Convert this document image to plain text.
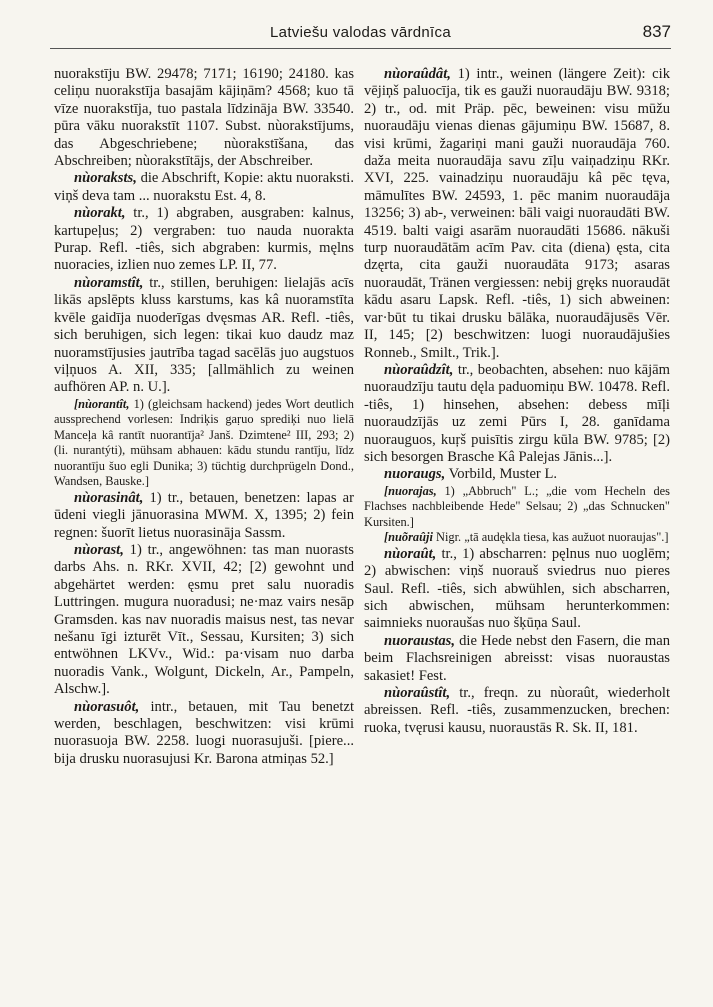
Latviešu valodas vārdnīca	837

nuorakstīju BW. 29478; 7171; 16190; 24180. kas celiņu nuorakstīja basajām kājiņām? 4568; kuo tā vīze nuorakstīja, tuo pastala līdzināja BW. 33540. pūra vāku nuorakstīt 1107. Subst. nùorakstījums, das Abgeschriebene; nùorakstīšana, das Abschreiben; nùorakstītājs, der Abschreiber.

nùoraksts, die Abschrift, Kopie: aktu nuoraksti. viņš deva tam ... nuorakstu Est. 4, 8.

nùorakt, tr., 1) abgraben, ausgraben: kalnus, kartupeļus; 2) vergraben: tuo nauda nuorakta Purap. Refl. -tiês, sich abgraben: kurmis, męlns nuoracies, izlien nuo zemes LP. II, 77.

nùoramstît, tr., stillen, beruhigen: lielajās acīs likās apslēpts kluss karstums, kas kâ nuoramstīta kvēle gaidīja nuoderīgas dvęsmas AR. Refl. -tiês, sich beruhigen, sich legen: tikai kuo daudz maz nuoramstījusies jautrība tagad sacēlās juo augstuos viļņuos A. XII, 335; [allmählich zu weinen aufhören AP. n. U.].

[nùorantît, 1) (gleichsam hackend) jedes Wort deutlich aussprechend vorlesen: Indriķis gaṛuo sprediķi nuo lielā Manceļa kâ rantīt nuorantīja² Janš. Dzimtene² III, 293; 2) (li. nurantýti), mühsam abhauen: kādu stundu rantīju, līdz nuorantīju šuo egli Dunika; 3) tüchtig durchprügeln Dond., Wandsen, Bauske.]

nùorasinât, 1) tr., betauen, benetzen: lapas ar ūdeni viegli jānuorasina MWM. X, 1395; 2) fein regnen: šuorīt lietus nuorasināja Sassm.

nùorast, 1) tr., angewöhnen: tas man nuorasts darbs Ahs. n. RKr. XVII, 42; [2) gewohnt und abgehärtet werden: ęsmu pret salu nuoradis Luttringen. mugura nuoradusi; ne·maz vairs nesāp Gramsden. kas nav nuoradis maisus nest, tas nevar nešanu īgi izturēt Vīt., Sessau, Kursiten; 3) sich entwöhnen LKVv., Wid.: pa·visam nuo darba nuoradis Vank., Wolgunt, Dickeln, Ar., Pampeln, Alschw.].

nùorasuôt, intr., betauen, mit Tau benetzt werden, beschlagen, beschwitzen: visi krūmi nuorasuoja BW. 2258. luogi nuorasujuši. [piere... bija drusku nuorasujusi Kr. Barona atmiņas 52.]

nùoraûdât, 1) intr., weinen (längere Zeit): cik vējiņš paluocīja, tik es gauži nuoraudāju BW. 9318; 2) tr., od. mit Präp. pēc, beweinen: visu mūžu nuoraudāju vienas dienas gājumiņu BW. 15687, 8. visi krūmi, žagariņi mani gauži nuoraudāja 760. daža meita nuoraudāja savu zīļu vaiņadziņu RKr. XVI, 225. vainadziņu nuoraudāju kâ pēc tęva, māmulītes BW. 24593, 1. pēc manim nuoraudāja 13256; 3) ab-, verweinen: bāli vaigi nuoraudāti BW. 4519. balti vaigi asarām nuoraudāti 15686. nākuši turp nuoraudātām acīm Pav. cita (diena) ęsta, cita dzęrta, cita gauži nuoraudāta 9173; asaras nuoraudāt, Tränen vergiessen: nebij gręks nuoraudāt kādu asaru Lapsk. Refl. -tiês, 1) sich abweinen: var·būt tu tikai drusku bālāka, nuoraudājusēs Vēr. II, 145; [2) beschwitzen: luogi nuoraudājušies Ronneb., Smilt., Trik.].

nùoraûdzît, tr., beobachten, absehen: nuo kājām nuoraudzīju tautu dęla paduomiņu BW. 10478. Refl. -tiês, 1) hinsehen, absehen: debess mīļi nuoraudzījās uz zemi Pūrs I, 28. ganīdama nuorauguos, kuŗš puisītis zirgu kūla BW. 9785; [2) sich besorgen Brasche Kâ Palejas Jānis...].

nuoraugs, Vorbild, Muster L.

[nuorajas, 1) „Abbruch" L.; „die vom Hecheln des Flachses nachbleibende Hede" Selsau; 2) „das Schnucken" Kursiten.]

[nuõraûji Nigr. „tā audękla tiesa, kas aužuot nuoraujas".]

nùoraût, tr., 1) abscharren: pęlnus nuo uoglēm; 2) abwischen: viņš nuorauš sviedrus nuo pieres Saul. Refl. -tiês, sich abwühlen, sich abscharren, sich abwischen, mühsam herunterkommen: saimnieks nuoraušas nuo šķūņa Saul.

nuoraustas, die Hede nebst den Fasern, die man beim Flachsreinigen abreisst: visas nuoraustas sakasiet! Fest.

nùoraûstît, tr., freqn. zu nùoraût, wiederholt abreissen. Refl. -tiês, zusammenzucken, brechen: ruoka, tvęrusi kausu, nuoraustās R. Sk. II, 181.
